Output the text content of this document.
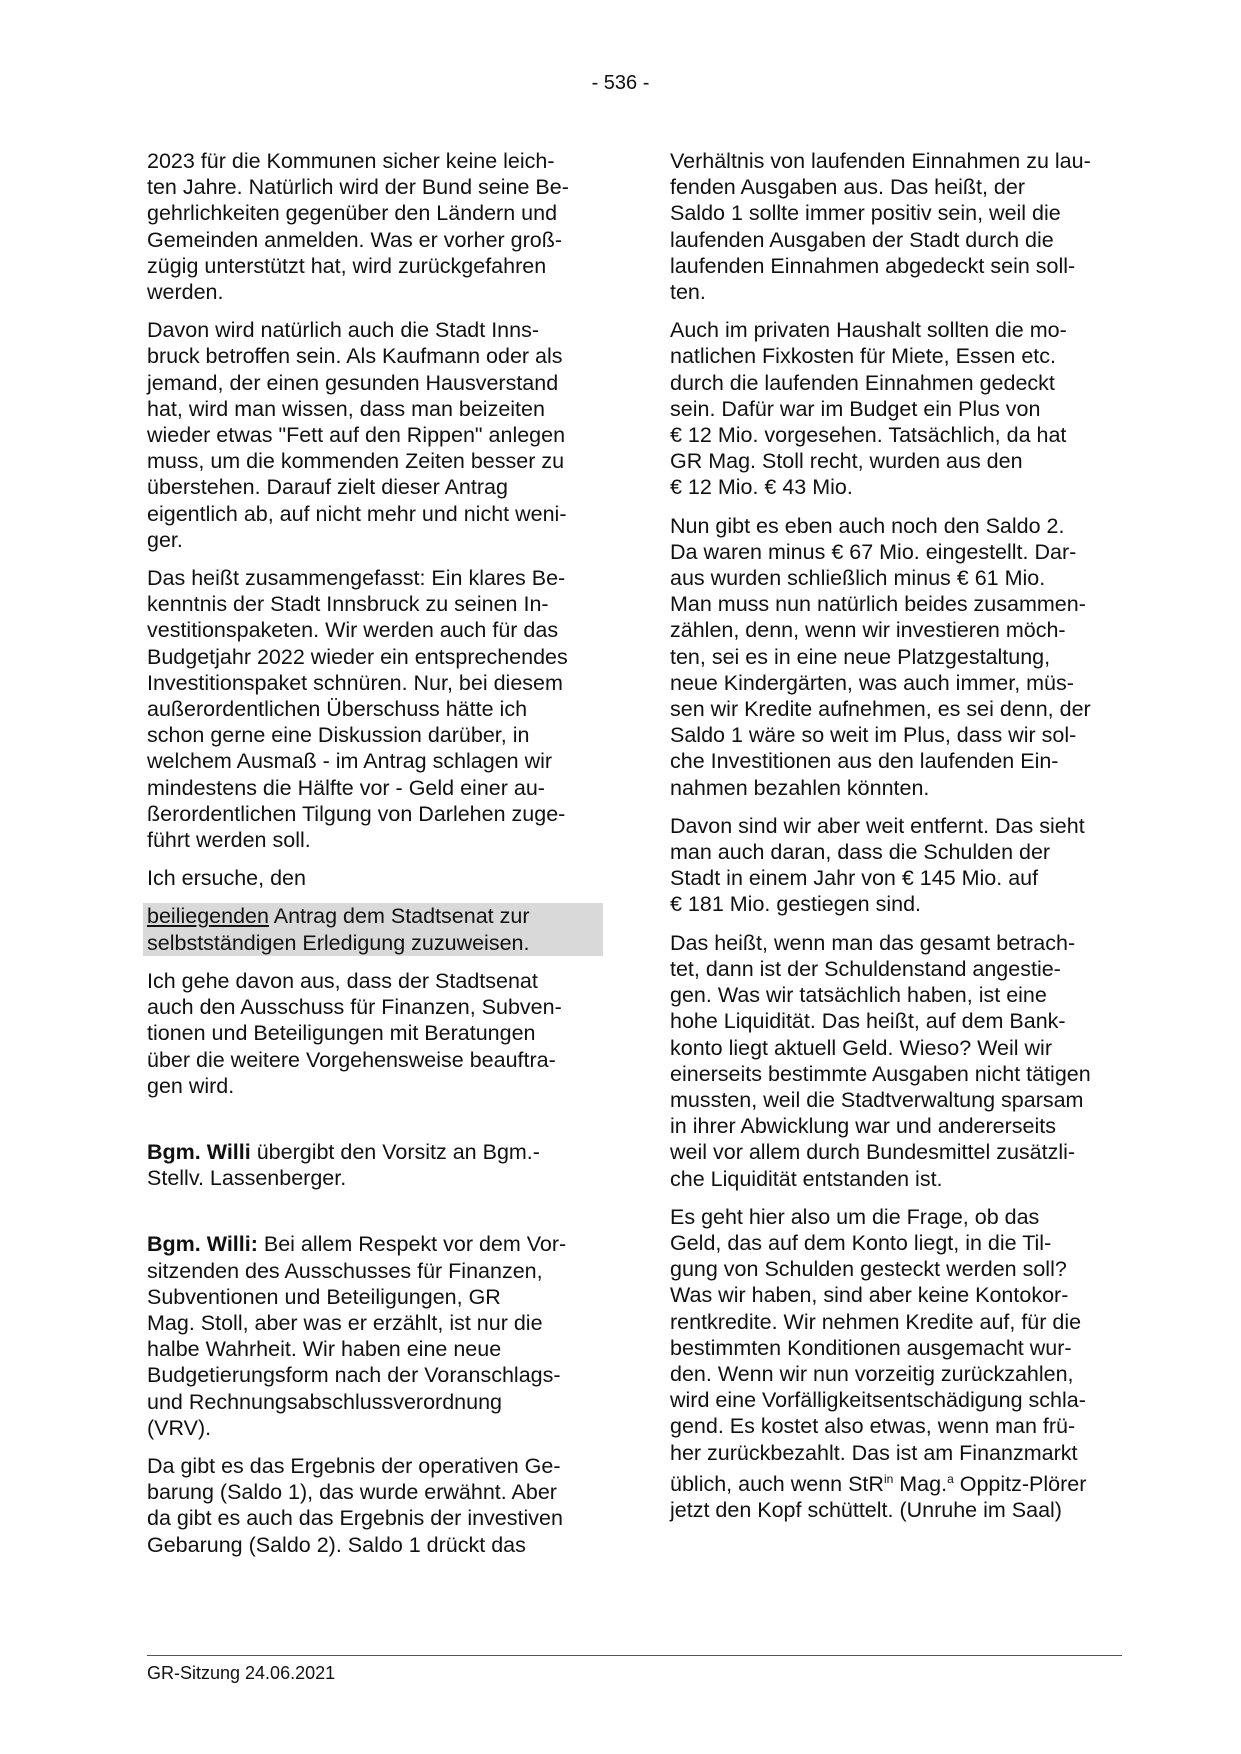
- 536 -

2023 für die Kommunen sicher keine leich-
ten Jahre. Natürlich wird der Bund seine Be-
gehrlichkeiten gegenüber den Ländern und
Gemeinden anmelden. Was er vorher groß-
zügig unterstützt hat, wird zurückgefahren
werden.

Davon wird natürlich auch die Stadt Inns-
bruck betroffen sein. Als Kaufmann oder als
jemand, der einen gesunden Hausverstand
hat, wird man wissen, dass man beizeiten
wieder etwas "Fett auf den Rippen" anlegen
muss, um die kommenden Zeiten besser zu
überstehen. Darauf zielt dieser Antrag
eigentlich ab, auf nicht mehr und nicht weni-
ger.

Das heißt zusammengefasst: Ein klares Be-
kenntnis der Stadt Innsbruck zu seinen In-
vestitionspaketen. Wir werden auch für das
Budgetjahr 2022 wieder ein entsprechendes
Investitionspaket schnüren. Nur, bei diesem
außerordentlichen Überschuss hätte ich
schon gerne eine Diskussion darüber, in
welchem Ausmaß - im Antrag schlagen wir
mindestens die Hälfte vor - Geld einer au-
ßerordentlichen Tilgung von Darlehen zuge-
führt werden soll.

Ich ersuche, den

beiliegenden Antrag dem Stadtsenat zur
selbstständigen Erledigung zuzuweisen.

Ich gehe davon aus, dass der Stadtsenat
auch den Ausschuss für Finanzen, Subven-
tionen und Beteiligungen mit Beratungen
über die weitere Vorgehensweise beauftra-
gen wird.

Bgm. Willi übergibt den Vorsitz an Bgm.-
Stellv. Lassenberger.

Bgm. Willi: Bei allem Respekt vor dem Vor-
sitzenden des Ausschusses für Finanzen,
Subventionen und Beteiligungen, GR
Mag. Stoll, aber was er erzählt, ist nur die
halbe Wahrheit. Wir haben eine neue
Budgetierungsform nach der Voranschlags-
und Rechnungsabschlussverordnung
(VRV).

Da gibt es das Ergebnis der operativen Ge-
barung (Saldo 1), das wurde erwähnt. Aber
da gibt es auch das Ergebnis der investiven
Gebarung (Saldo 2). Saldo 1 drückt das

Verhältnis von laufenden Einnahmen zu lau-
fenden Ausgaben aus. Das heißt, der
Saldo 1 sollte immer positiv sein, weil die
laufenden Ausgaben der Stadt durch die
laufenden Einnahmen abgedeckt sein soll-
ten.

Auch im privaten Haushalt sollten die mo-
natlichen Fixkosten für Miete, Essen etc.
durch die laufenden Einnahmen gedeckt
sein. Dafür war im Budget ein Plus von
€ 12 Mio. vorgesehen. Tatsächlich, da hat
GR Mag. Stoll recht, wurden aus den
€ 12 Mio. € 43 Mio.

Nun gibt es eben auch noch den Saldo 2.
Da waren minus € 67 Mio. eingestellt. Dar-
aus wurden schließlich minus € 61 Mio.
Man muss nun natürlich beides zusammen-
zählen, denn, wenn wir investieren möch-
ten, sei es in eine neue Platzgestaltung,
neue Kindergärten, was auch immer, müs-
sen wir Kredite aufnehmen, es sei denn, der
Saldo 1 wäre so weit im Plus, dass wir sol-
che Investitionen aus den laufenden Ein-
nahmen bezahlen könnten.

Davon sind wir aber weit entfernt. Das sieht
man auch daran, dass die Schulden der
Stadt in einem Jahr von € 145 Mio. auf
€ 181 Mio. gestiegen sind.

Das heißt, wenn man das gesamt betrach-
tet, dann ist der Schuldenstand angestie-
gen. Was wir tatsächlich haben, ist eine
hohe Liquidität. Das heißt, auf dem Bank-
konto liegt aktuell Geld. Wieso? Weil wir
einerseits bestimmte Ausgaben nicht tätigen
mussten, weil die Stadtverwaltung sparsam
in ihrer Abwicklung war und andererseits
weil vor allem durch Bundesmittel zusätzli-
che Liquidität entstanden ist.

Es geht hier also um die Frage, ob das
Geld, das auf dem Konto liegt, in die Til-
gung von Schulden gesteckt werden soll?
Was wir haben, sind aber keine Kontokor-
rentkredite. Wir nehmen Kredite auf, für die
bestimmten Konditionen ausgemacht wur-
den. Wenn wir nun vorzeitig zurückzahlen,
wird eine Vorfälligkeitsentschädigung schla-
gend. Es kostet also etwas, wenn man frü-
her zurückbezahlt. Das ist am Finanzmarkt
üblich, auch wenn StR$^{in}$ Mag.$^a$ Oppitz-Plörer
jetzt den Kopf schüttelt. (Unruhe im Saal)

GR-Sitzung 24.06.2021
